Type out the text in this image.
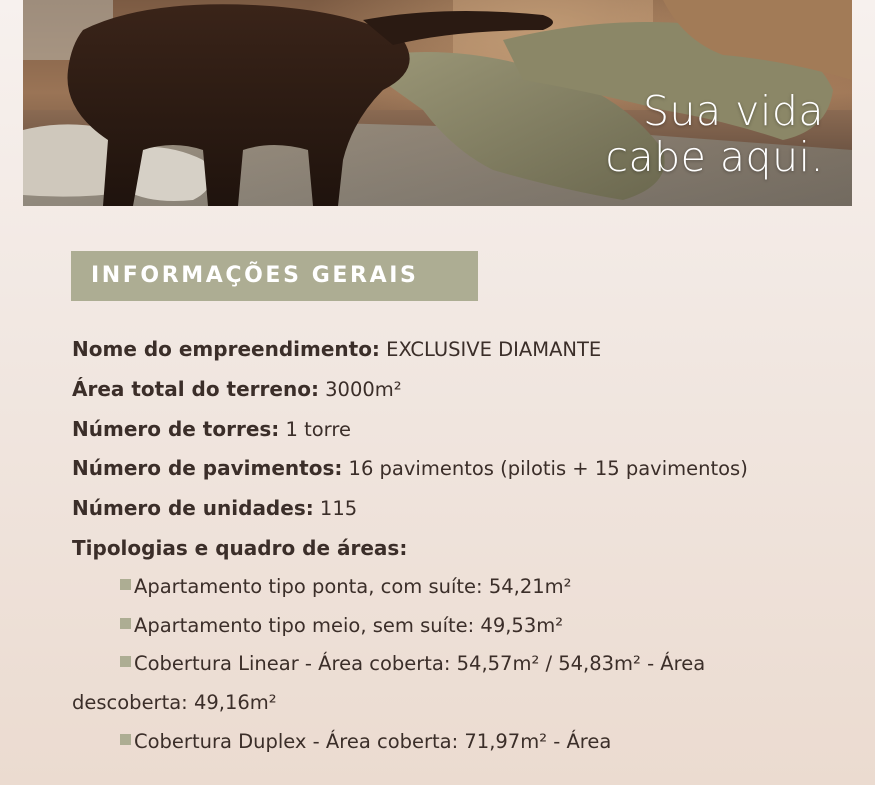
Sua vida
cabe aqui.
INFORMAÇÕES GERAIS

Nome do empreendimento: EXCLUSIVE DIAMANTE

Área total do terreno: 3000m²

Número de torres: 1 torre

Número de pavimentos: 16 pavimentos (pilotis + 15 pavimentos)

Número de unidades: 115

Tipologias e quadro de áreas:

Apartamento tipo ponta, com suíte: 54,21m²

Apartamento tipo meio, sem suíte: 49,53m²

Cobertura Linear - Área coberta: 54,57m² / 54,83m² - Área descoberta: 49,16m²

Cobertura Duplex - Área coberta: 71,97m² - Área
